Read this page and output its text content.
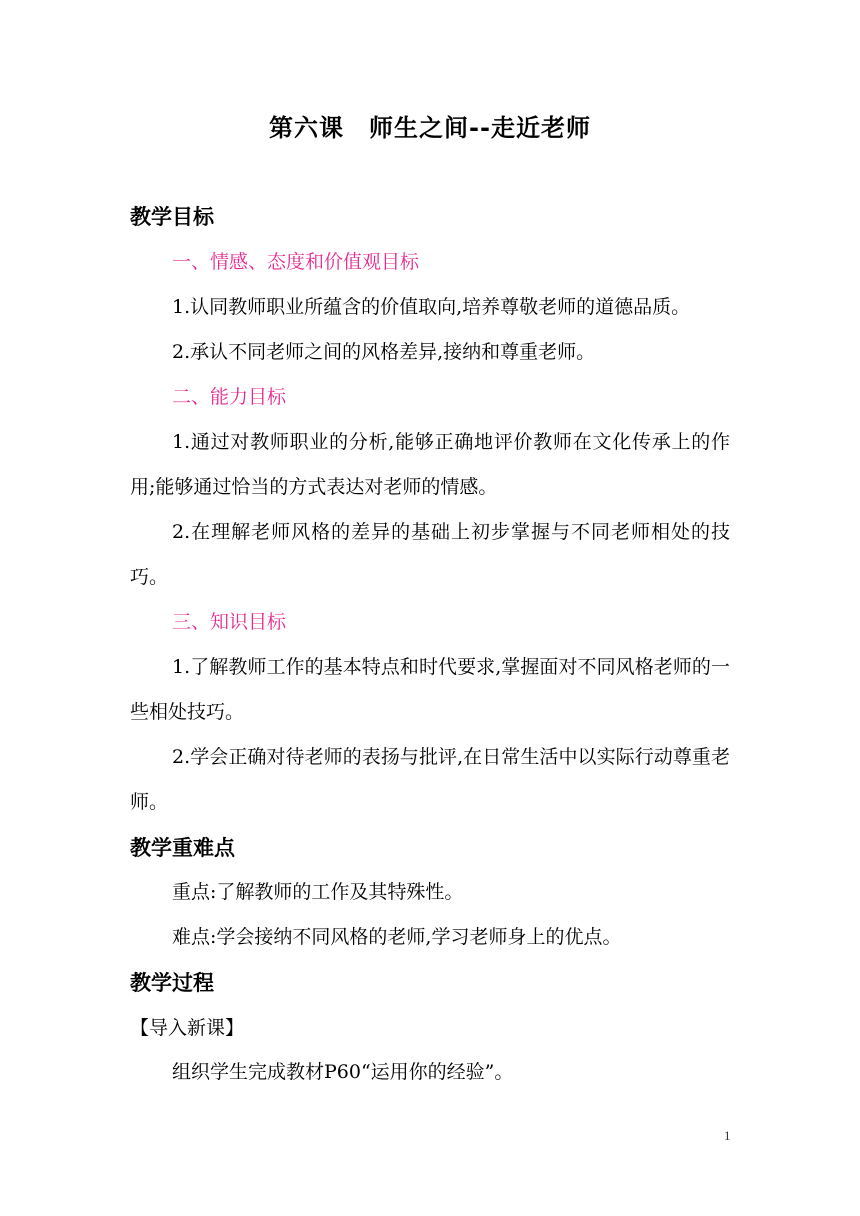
第六课　师生之间--走近老师
教学目标
一、情感、态度和价值观目标
1.认同教师职业所蕴含的价值取向,培养尊敬老师的道德品质。
2.承认不同老师之间的风格差异,接纳和尊重老师。
二、能力目标
1.通过对教师职业的分析,能够正确地评价教师在文化传承上的作用;能够通过恰当的方式表达对老师的情感。
2.在理解老师风格的差异的基础上初步掌握与不同老师相处的技巧。
三、知识目标
1.了解教师工作的基本特点和时代要求,掌握面对不同风格老师的一些相处技巧。
2.学会正确对待老师的表扬与批评,在日常生活中以实际行动尊重老师。
教学重难点
重点:了解教师的工作及其特殊性。
难点:学会接纳不同风格的老师,学习老师身上的优点。
教学过程
【导入新课】
组织学生完成教材P60“运用你的经验”。
1
